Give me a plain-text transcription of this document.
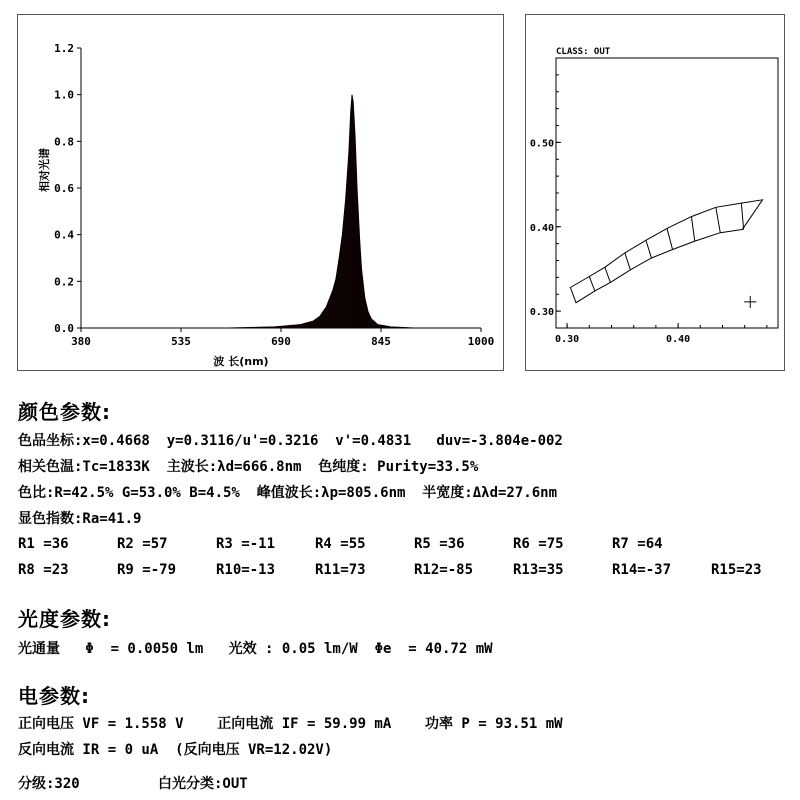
0.0
0.2
0.4
0.6
0.8
1.0
1.2
380	535	690	845	1000
波 长(nm)
相对光谱
CLASS: OUT
0.30
0.40
0.50
0.30	0.40
颜色参数:
色品坐标:x=0.4668  y=0.3116/u'=0.3216  v'=0.4831   duv=-3.804e-002
相关色温:Tc=1833K  主波长:λd=666.8nm  色纯度: Purity=33.5%
色比:R=42.5% G=53.0% B=4.5%  峰值波长:λp=805.6nm  半宽度:Δλd=27.6nm
显色指数:Ra=41.9
R1 =36	R2 =57	R3 =-11	R4 =55	R5 =36	R6 =75	R7 =64
R8 =23	R9 =-79	R10=-13	R11=73	R12=-85	R13=35	R14=-37	R15=23
光度参数:
光通量   Φ  = 0.0050 lm   光效 : 0.05 lm/W  Φe  = 40.72 mW
电参数:
正向电压 VF = 1.558 V    正向电流 IF = 59.99 mA    功率 P = 93.51 mW
反向电流 IR = 0 uA  (反向电压 VR=12.02V)
分级:320	白光分类:OUT
